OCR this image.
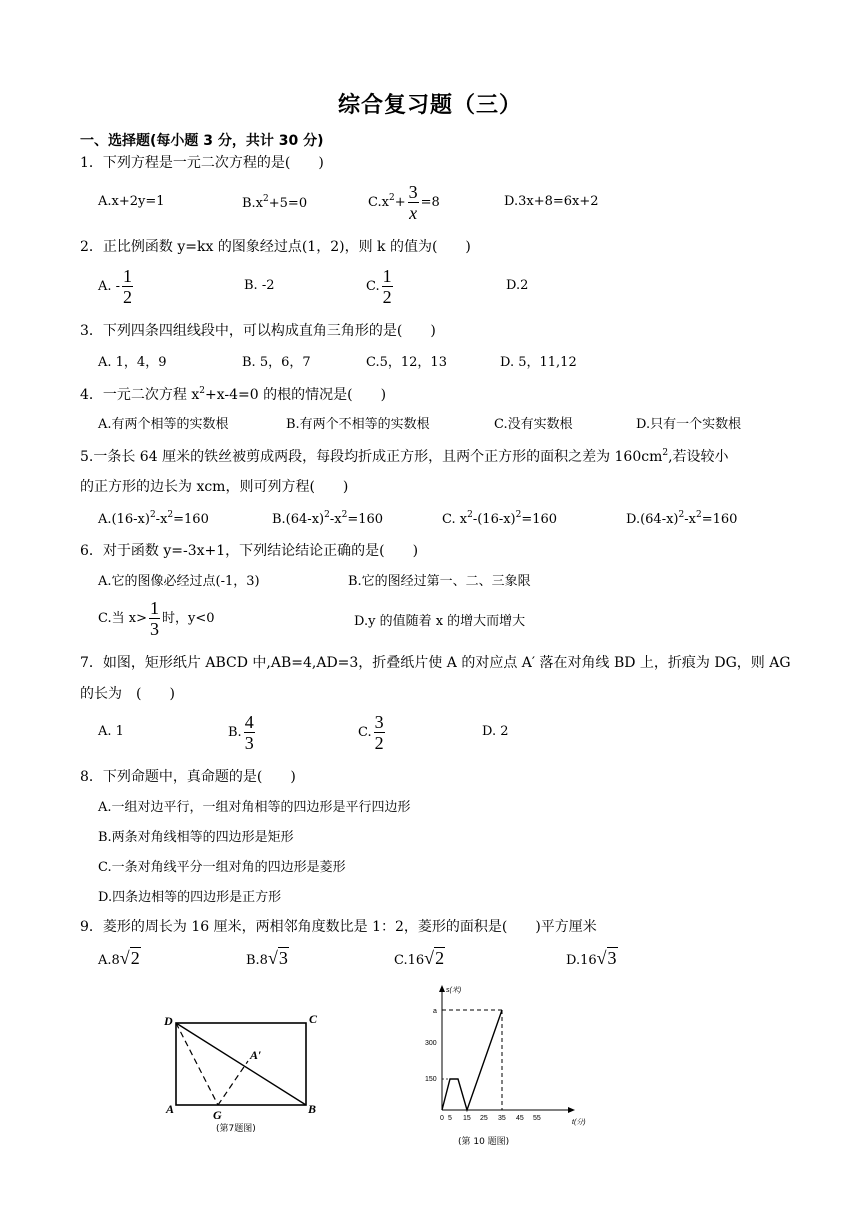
综合复习题（三）
一、选择题(每小题 3 分，共计 30 分)
1．下列方程是一元二次方程的是(　　)
A.x+2y=1	$B.x^2+5=0$	$C.x^2+ \frac{3}{x} =8$	D.3x+8=6x+2
2．正比例函数 y=kx 的图象经过点(1，2)，则 k 的值为(　　)
A. - $\frac{1}{2}$	B. -2	C. $\frac{1}{2}$	D.2
3．下列四条四组线段中，可以构成直角三角形的是(　　)
A. 1，4，9	B. 5，6，7	C.5，12，13	D. 5，11,12
4．一元二次方程 $x^2+x-4=0$ 的根的情况是(　　)
A.有两个相等的实数根	B.有两个不相等的实数根	C.没有实数根	D.只有一个实数根
5.一条长 64 厘米的铁丝被剪成两段，每段均折成正方形，且两个正方形的面积之差为 $160cm^2$,若设较小
的正方形的边长为 xcm，则可列方程(　　)
$A.(16-x)^2-x^2=160$	$B.(64-x)^2-x^2=160$	C. $x^2-(16-x)^2=160$	$D.(64-x)^2-x^2=160$
6．对于函数 y=-3x+1，下列结论结论正确的是(　　)
A.它的图像必经过点(-1，3)	B.它的图经过第一、二、三象限
C.当 $x> \frac{1}{3}$ 时，y<0	D.y 的值随着 x 的增大而增大
7．如图，矩形纸片 ABCD 中,AB=4,AD=3，折叠纸片使 A 的对应点 A′ 落在对角线 BD 上，折痕为 DG，则 AG
的长为　(　　)
A. 1	B. $\frac{4}{3}$	C. $\frac{3}{2}$	D. 2
8．下列命题中，真命题的是(　　)
A.一组对边平行，一组对角相等的四边形是平行四边形
B.两条对角线相等的四边形是矩形
C.一条对角线平分一组对角的四边形是菱形
D.四条边相等的四边形是正方形
9．菱形的周长为 16 厘米，两相邻角度数比是 1：2，菱形的面积是(　　)平方厘米
A.8√2	B.8√3	C.16√2	D.16√3
D	C
A	B
G
A′
(第7题图)
s(米)
t(分)
a
300
150
0 5 15 25 35 45 55
(第 10 题图)
